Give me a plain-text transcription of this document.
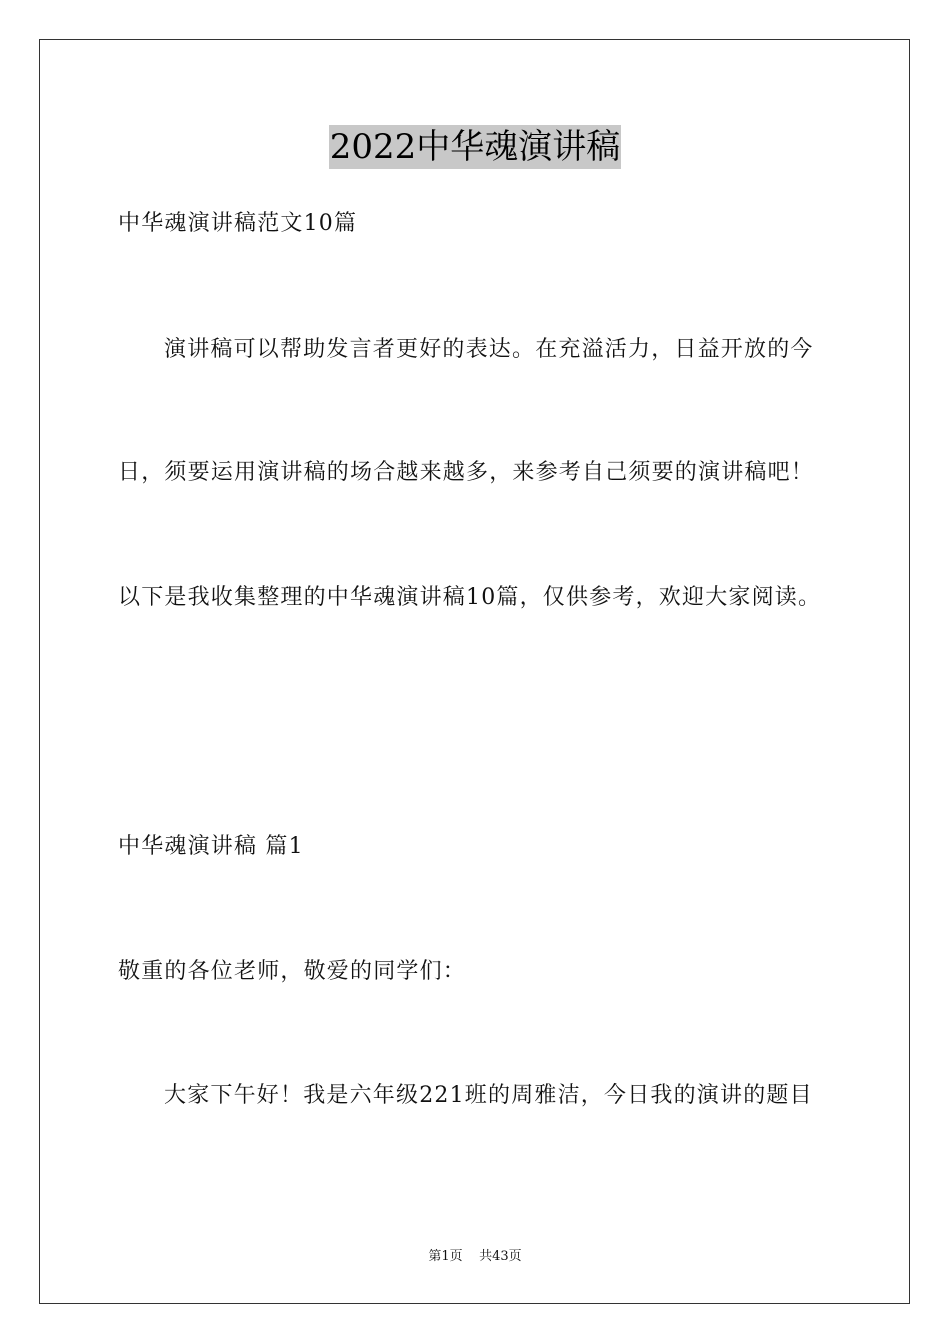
2022中华魂演讲稿
中华魂演讲稿范文10篇
演讲稿可以帮助发言者更好的表达。在充溢活力，日益开放的今
日，须要运用演讲稿的场合越来越多，来参考自己须要的演讲稿吧！
以下是我收集整理的中华魂演讲稿10篇，仅供参考，欢迎大家阅读。
中华魂演讲稿 篇1
敬重的各位老师，敬爱的同学们：
大家下午好！我是六年级221班的周雅洁，今日我的演讲的题目
第1页    共43页
